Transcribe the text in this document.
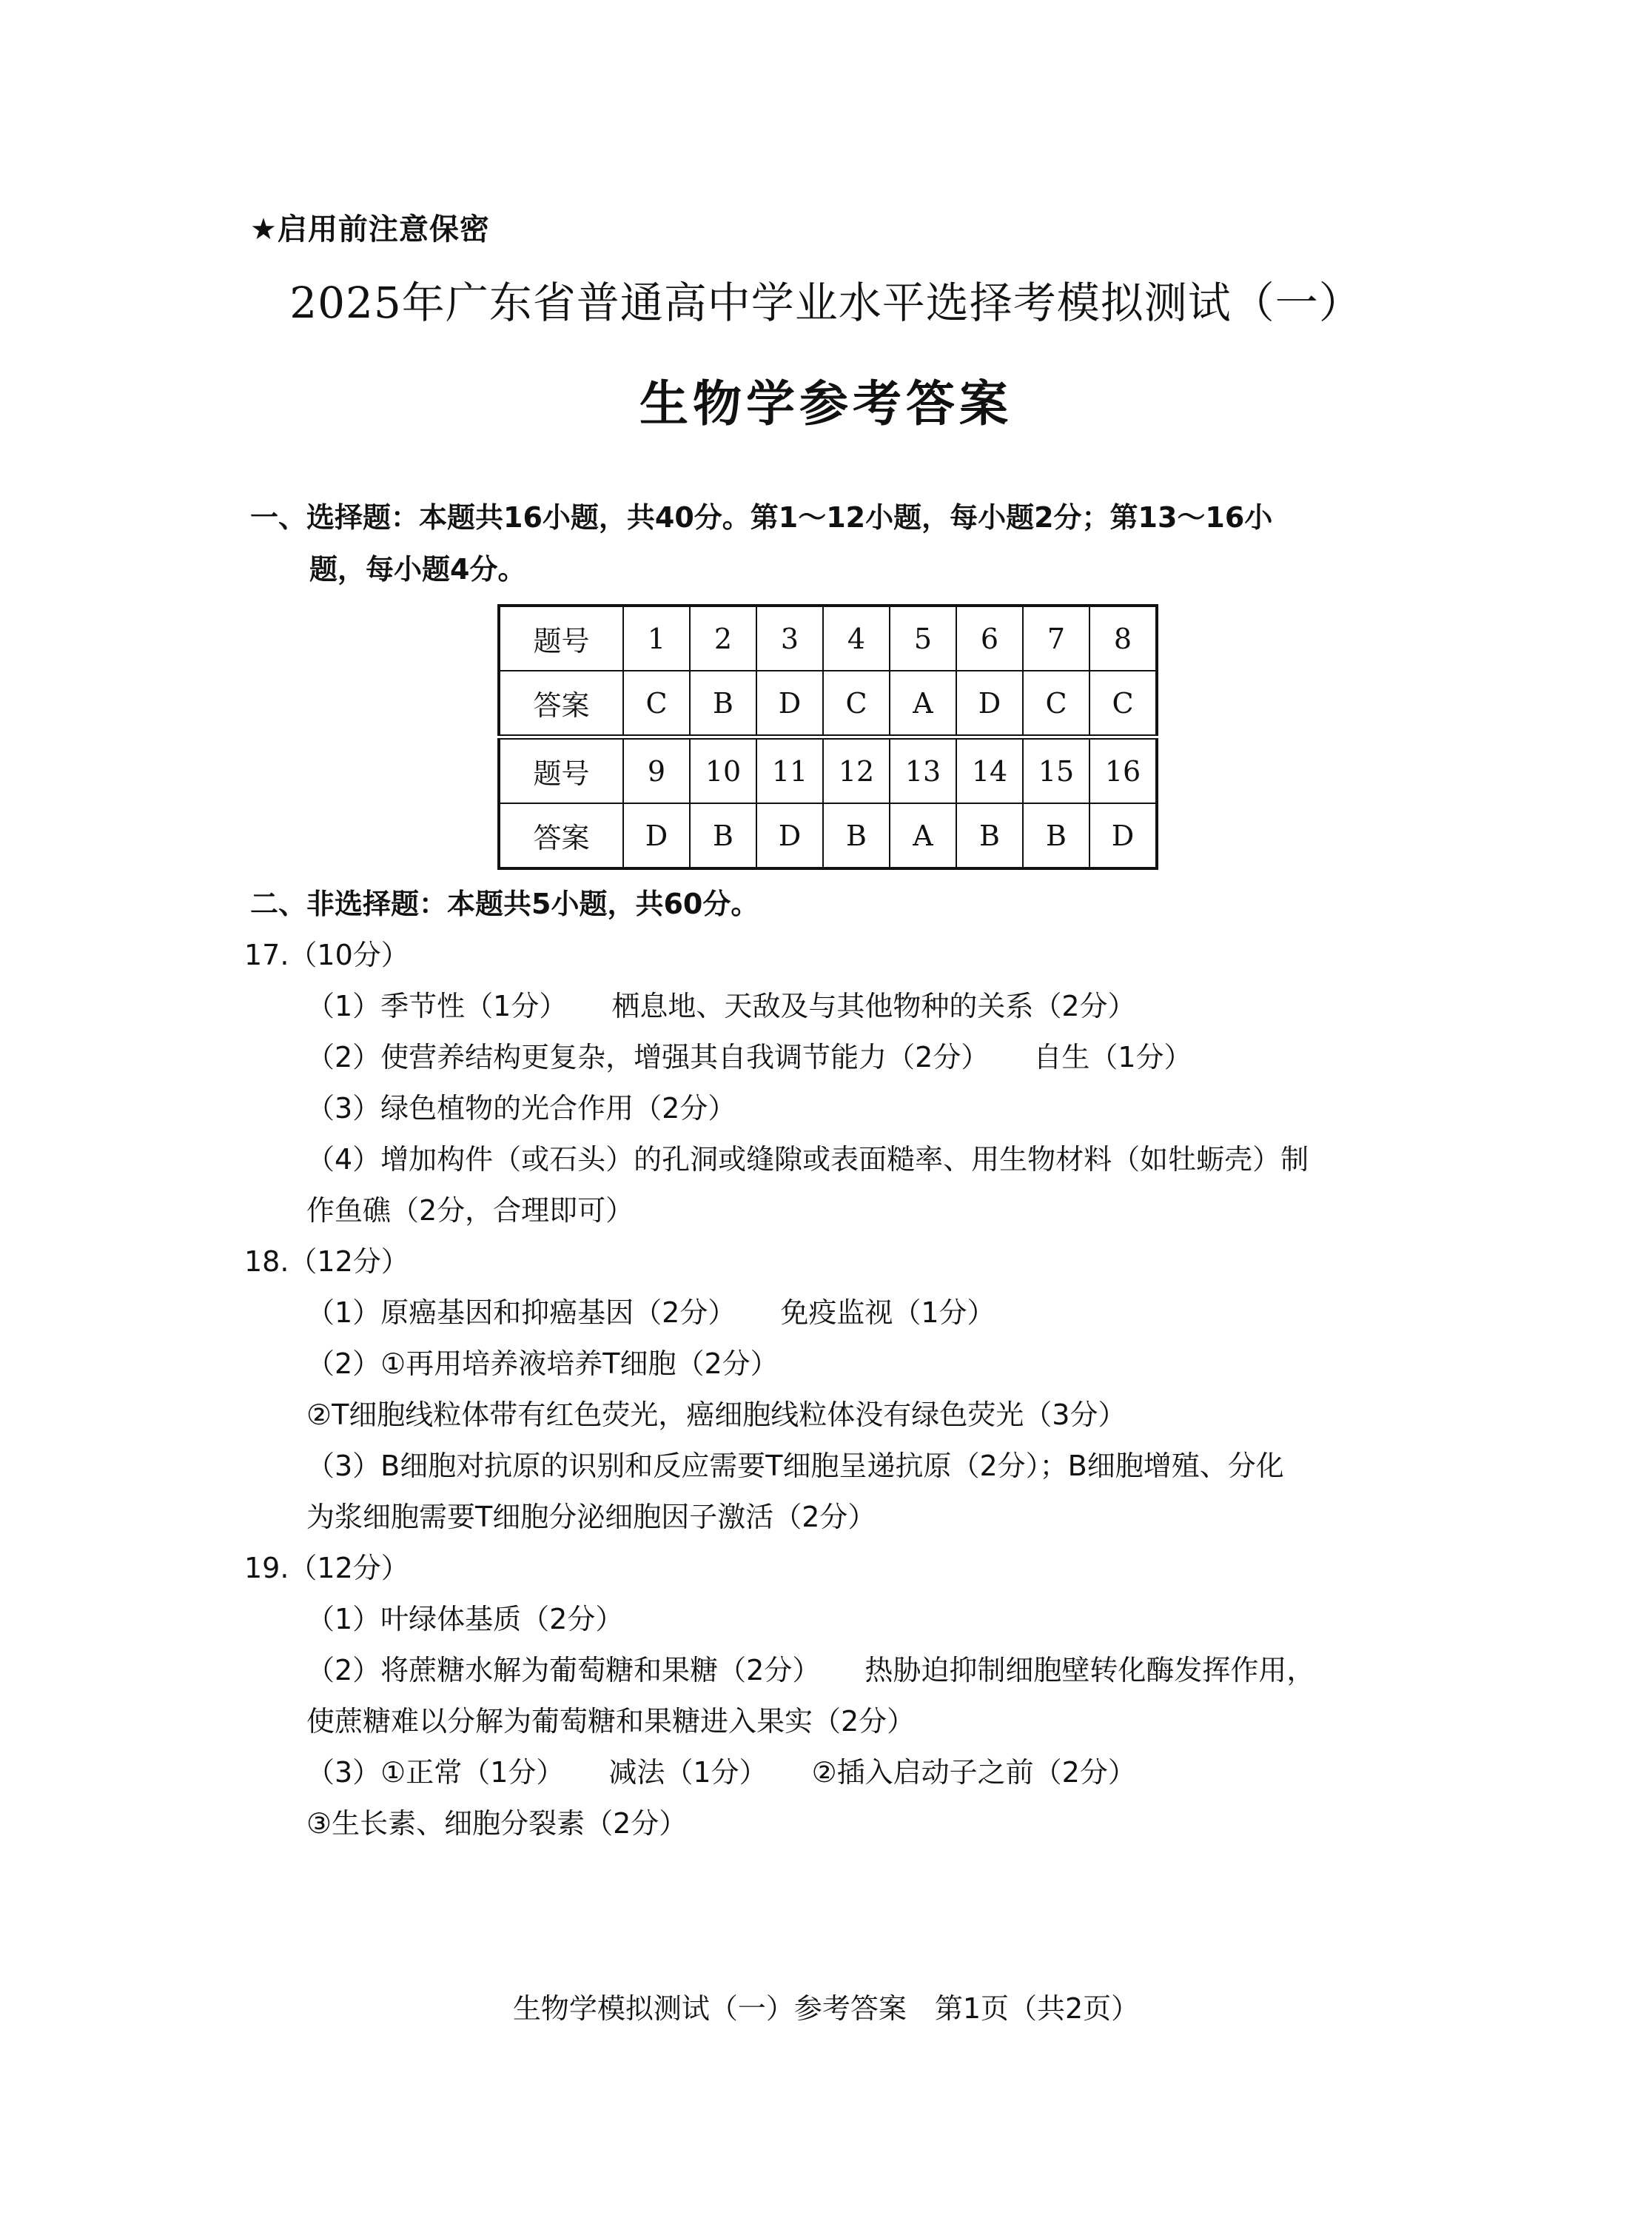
★启用前注意保密
2025年广东省普通高中学业水平选择考模拟测试（一）
生物学参考答案
一、选择题：本题共16小题，共40分。第1～12小题，每小题2分；第13～16小
题，每小题4分。
题号	1	2	3	4	5	6	7	8
答案	C	B	D	C	A	D	C	C
题号	9	10	11	12	13	14	15	16
答案	D	B	D	B	A	B	B	D
二、非选择题：本题共5小题，共60分。
17.（10分）
（1）季节性（1分） 栖息地、天敌及与其他物种的关系（2分）
（2）使营养结构更复杂，增强其自我调节能力（2分） 自生（1分）
（3）绿色植物的光合作用（2分）
（4）增加构件（或石头）的孔洞或缝隙或表面糙率、用生物材料（如牡蛎壳）制
作鱼礁（2分，合理即可）
18.（12分）
（1）原癌基因和抑癌基因（2分） 免疫监视（1分）
（2）①再用培养液培养T细胞（2分）
②T细胞线粒体带有红色荧光，癌细胞线粒体没有绿色荧光（3分）
（3）B细胞对抗原的识别和反应需要T细胞呈递抗原（2分）；B细胞增殖、分化
为浆细胞需要T细胞分泌细胞因子激活（2分）
19.（12分）
（1）叶绿体基质（2分）
（2）将蔗糖水解为葡萄糖和果糖（2分） 热胁迫抑制细胞壁转化酶发挥作用，
使蔗糖难以分解为葡萄糖和果糖进入果实（2分）
（3）①正常（1分） 减法（1分） ②插入启动子之前（2分）
③生长素、细胞分裂素（2分）
生物学模拟测试（一）参考答案　第1页（共2页）
